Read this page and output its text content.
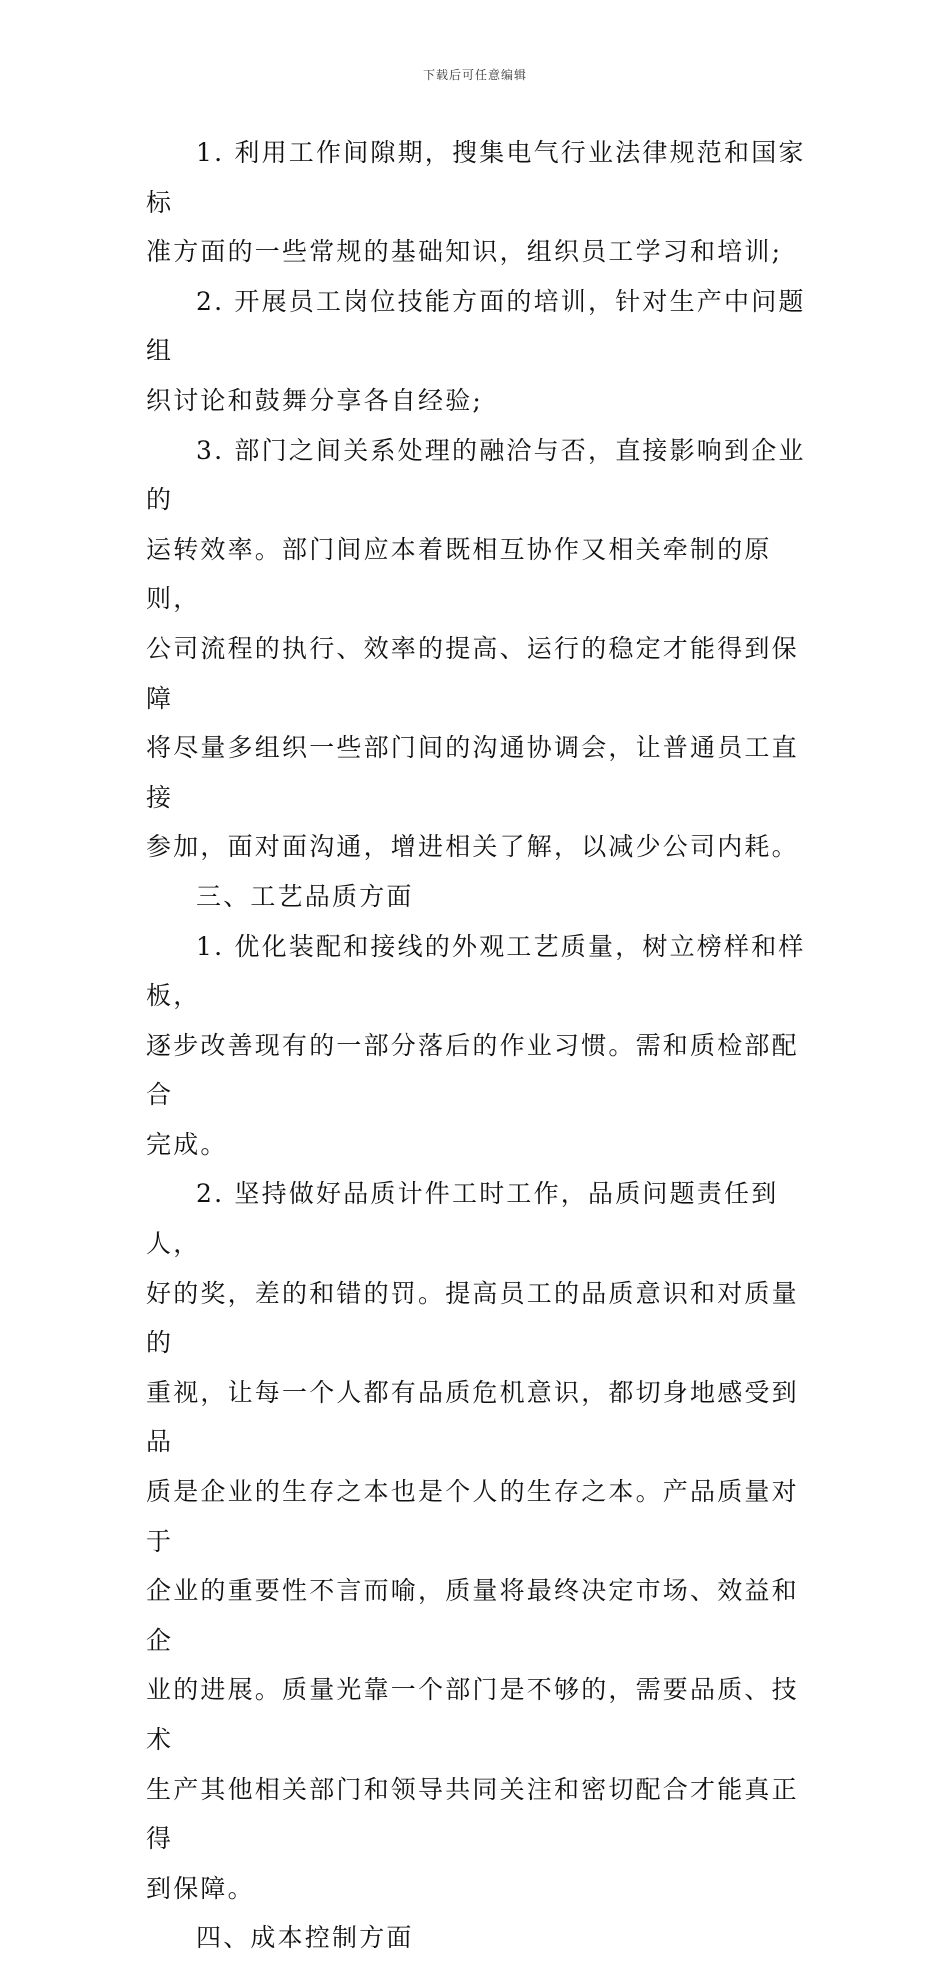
下载后可任意编辑

1. 利用工作间隙期，搜集电气行业法律规范和国家标

准方面的一些常规的基础知识，组织员工学习和培训;

2. 开展员工岗位技能方面的培训，针对生产中问题组

织讨论和鼓舞分享各自经验;

3. 部门之间关系处理的融洽与否，直接影响到企业的

运转效率。部门间应本着既相互协作又相关牵制的原则，

公司流程的执行、效率的提高、运行的稳定才能得到保障

将尽量多组织一些部门间的沟通协调会，让普通员工直接

参加，面对面沟通，增进相关了解，以减少公司内耗。

三、工艺品质方面

1. 优化装配和接线的外观工艺质量，树立榜样和样板，

逐步改善现有的一部分落后的作业习惯。需和质检部配合

完成。

2. 坚持做好品质计件工时工作，品质问题责任到人，

好的奖，差的和错的罚。提高员工的品质意识和对质量的

重视，让每一个人都有品质危机意识，都切身地感受到品

质是企业的生存之本也是个人的生存之本。产品质量对于

企业的重要性不言而喻，质量将最终决定市场、效益和企

业的进展。质量光靠一个部门是不够的，需要品质、技术

生产其他相关部门和领导共同关注和密切配合才能真正得

到保障。

四、成本控制方面
